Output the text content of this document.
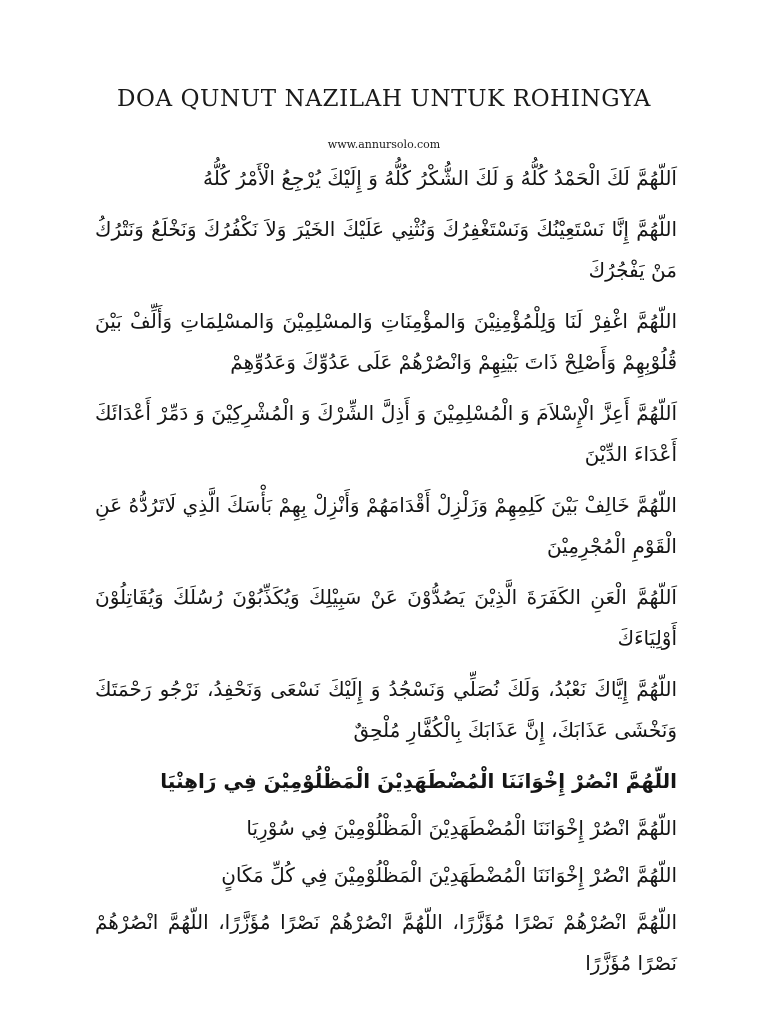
DOA QUNUT NAZILAH UNTUK ROHINGYA
www.annursolo.com

اَللّهُمَّ لَكَ الْحَمْدُ كُلُّهُ وَ لَكَ الشُّكْرُ كُلُّهُ وَ إِلَيْكَ يُرْجِعُ الْأَمْرُ كُلُّهُ

اللّهُمَّ إِنَّا نَسْتَعِيْنُكَ وَنَسْتَغْفِرُكَ وَنُثْنِي عَلَيْكَ الخَيْرَ وَلاَ نَكْفُرُكَ وَنَخْلَعُ وَنَتْرُكُ مَنْ يَفْجُرُكَ

اللّهُمَّ اغْفِرْ لَنَا وَلِلْمُؤْمِنِيْنَ وَالمؤْمِنَاتِ وَالمسْلِمِيْنَ وَالمسْلِمَاتِ وَأَلِّفْ بَيْنَ قُلُوْبِهِمْ وَأَصْلِحْ ذَاتَ بَيْنِهِمْ وَانْصُرْهُمْ عَلَى عَدُوِّكَ وَعَدُوِّهِمْ

اَللّهُمَّ أَعِزَّ الْإِسْلاَمَ وَ الْمُسْلِمِيْنَ وَ أَذِلَّ الشِّرْكَ وَ الْمُشْرِكِيْنَ وَ دَمِّرْ أَعْدَائَكَ أَعْدَاءَ الدِّيْنَ

اللّهُمَّ خَالِفْ بَيْنَ كَلِمِهِمْ وَزَلْزِلْ أَقْدَامَهُمْ وَأَنْزِلْ بِهِمْ بَأْسَكَ الَّذِي لَاتَرُدُّهُ عَنِ الْقَوْمِ الْمُجْرِمِيْنَ

اَللّهُمَّ الْعَنِ الكَفَرَةَ الَّذِيْنَ يَصُدُّوْنَ عَنْ سَبِيْلِكَ وَيُكَذِّبُوْنَ رُسُلَكَ وَيُقَاتِلُوْنَ أَوْلِيَاءَكَ

اللّهُمَّ إِيَّاكَ نَعْبُدُ، وَلَكَ نُصَلِّي وَنَسْجُدُ وَ إِلَيْكَ نَسْعَى وَنَحْفِدُ، نَرْجُو رَحْمَتَكَ وَنَخْشَى عَذَابَكَ، إِنَّ عَذَابَكَ بِالْكُفَّارِ مُلْحِقٌ

اللّهُمَّ انْصُرْ إِخْوَانَنَا الْمُضْطَهَدِيْنَ الْمَظْلُوْمِيْنَ فِي رَاهِنْيَا

اللّهُمَّ انْصُرْ إِخْوَانَنَا الْمُضْطَهَدِيْنَ الْمَظْلُوْمِيْنَ فِي سُوْرِيَا

اللّهُمَّ انْصُرْ إِخْوَانَنَا الْمُضْطَهَدِيْنَ الْمَظْلُوْمِيْنَ فِي كُلِّ مَكَانٍ

اللّهُمَّ انْصُرْهُمْ نَصْرًا مُؤَزَّرًا، اللّهُمَّ انْصُرْهُمْ نَصْرًا مُؤَزَّرًا، اللّهُمَّ انْصُرْهُمْ نَصْرًا مُؤَزَّرًا
